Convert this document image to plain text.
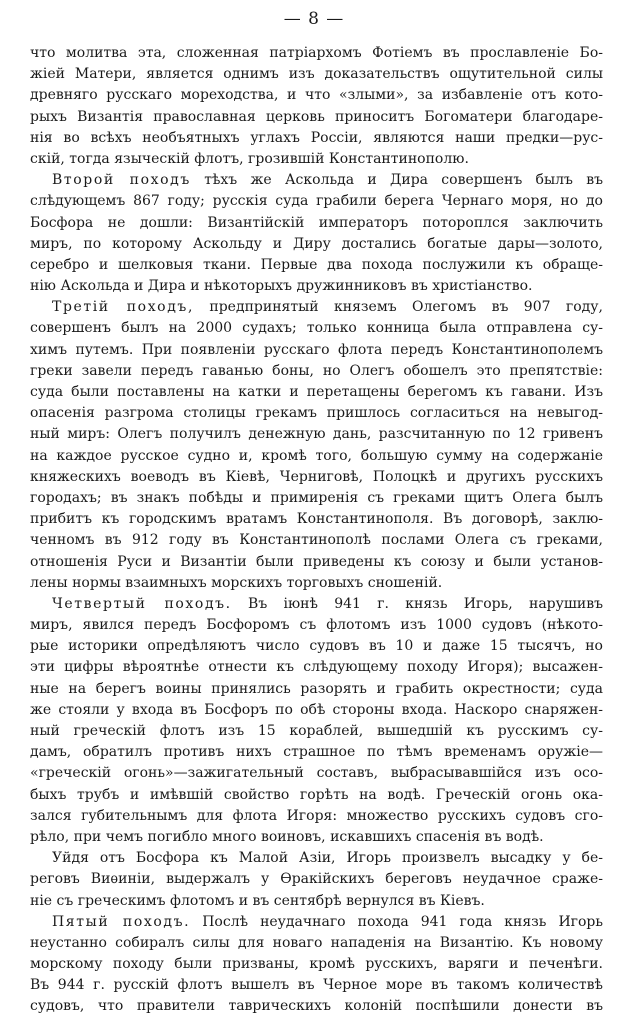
— 8 —
что молитва эта, сложенная патріархомъ Фотіемъ въ прославленіе Бо-
жіей Матери, является однимъ изъ доказательствъ ощутительной силы
древняго русскаго мореходства, и что «злыми», за избавленіе отъ кото-
рыхъ Византія православная церковь приноситъ Богоматери благодаре-
нія во всѣхъ необъятныхъ углахъ Россіи, являются наши предки—рус-
скій, тогда языческій флотъ, грозившій Константинополю.
Второй походъ тѣхъ же Аскольда и Дира совершенъ былъ въ
слѣдующемъ 867 году; русскія суда грабили берега Чернаго моря, но до
Босфора не дошли: Византійскій императоръ потороплся заключить
миръ, по которому Аскольду и Диру достались богатые дары—золото,
серебро и шелковыя ткани. Первые два похода послужили къ обраще-
нію Аскольда и Дира и нѣкоторыхъ дружинниковъ въ христіанство.
Третій походъ, предпринятый княземъ Олегомъ въ 907 году,
совершенъ былъ на 2000 судахъ; только конница была отправлена су-
химъ путемъ. При появленіи русскаго флота передъ Константинополемъ
греки завели передъ гаванью боны, но Олегъ обошелъ это препятствіе:
суда были поставлены на катки и перетащены берегомъ къ гавани. Изъ
опасенія разгрома столицы грекамъ пришлось согласиться на невыгод-
ный миръ: Олегъ получилъ денежную дань, разсчитанную по 12 гривенъ
на каждое русское судно и, кромѣ того, большую сумму на содержаніе
княжескихъ воеводъ въ Кіевѣ, Черниговѣ, Полоцкѣ и другихъ русскихъ
городахъ; въ знакъ побѣды и примиренія съ греками щитъ Олега былъ
прибитъ къ городскимъ вратамъ Константинополя. Въ договорѣ, заклю-
ченномъ въ 912 году въ Константинополѣ послами Олега съ греками,
отношенія Руси и Византіи были приведены къ союзу и были установ-
лены нормы взаимныхъ морскихъ торговыхъ сношеній.
Четвертый походъ. Въ іюнѣ 941 г. князь Игорь, нарушивъ
миръ, явился передъ Босфоромъ съ флотомъ изъ 1000 судовъ (нѣкото-
рые историки опредѣляютъ число судовъ въ 10 и даже 15 тысячъ, но
эти цифры вѣроятнѣе отнести къ слѣдующему походу Игоря); высажен-
ные на берегъ воины принялись разорять и грабить окрестности; суда
же стояли у входа въ Босфоръ по обѣ стороны входа. Наскоро снаряжен-
ный греческій флотъ изъ 15 кораблей, вышедшій къ русскимъ су-
дамъ, обратилъ противъ нихъ страшное по тѣмъ временамъ оружіе—
«греческій огонь»—зажигательный составъ, выбрасывавшійся изъ осо-
быхъ трубъ и имѣвшій свойство горѣть на водѣ. Греческій огонь ока-
зался губительнымъ для флота Игоря: множество русскихъ судовъ сго-
рѣло, при чемъ погибло много воиновъ, искавшихъ спасенія въ водѣ.
Уйдя отъ Босфора къ Малой Азіи, Игорь произвелъ высадку у бе-
реговъ Виѳиніи, выдержалъ у Ѳракійскихъ береговъ неудачное сраже-
ніе съ греческимъ флотомъ и въ сентябрѣ вернулся въ Кіевъ.
Пятый походъ. Послѣ неудачнаго похода 941 года князь Игорь
неустанно собиралъ силы для новаго нападенія на Византію. Къ новому
морскому походу были призваны, кромѣ русскихъ, варяги и печенѣги.
Въ 944 г. русскій флотъ вышелъ въ Черное море въ такомъ количествѣ
судовъ, что правители таврическихъ колоній поспѣшили донести въ
